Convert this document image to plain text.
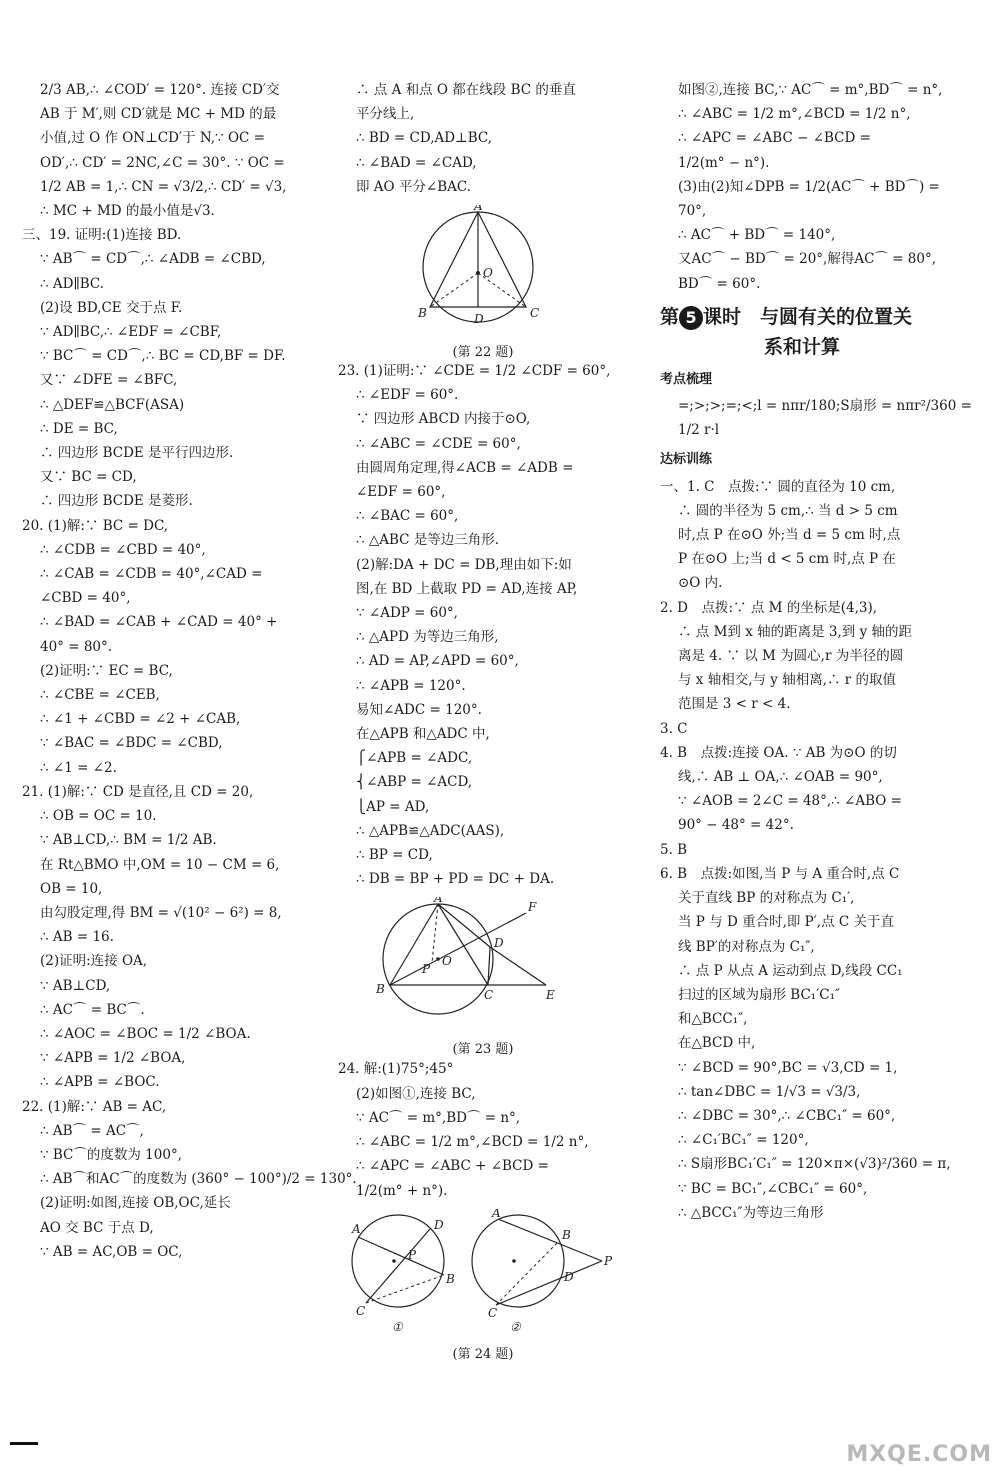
2/3 AB,∴ ∠COD′ = 120°. 连接 CD′交
AB 于 M′,则 CD′就是 MC + MD 的最
小值,过 O 作 ON⊥CD′于 N,∵ OC =
OD′,∴ CD′ = 2NC,∠C = 30°. ∵ OC =
1/2 AB = 1,∴ CN = √3/2,∴ CD′ = √3,
∴ MC + MD 的最小值是√3.
三、19. 证明:(1)连接 BD.
∵ AB⌒ = CD⌒,∴ ∠ADB = ∠CBD,
∴ AD∥BC.
(2)设 BD,CE 交于点 F.
∵ AD∥BC,∴ ∠EDF = ∠CBF,
∵ BC⌒ = CD⌒,∴ BC = CD,BF = DF.
又∵ ∠DFE = ∠BFC,
∴ △DEF≌△BCF(ASA)
∴ DE = BC,
∴ 四边形 BCDE 是平行四边形.
又∵ BC = CD,
∴ 四边形 BCDE 是菱形.
20. (1)解:∵ BC = DC,
∴ ∠CDB = ∠CBD = 40°,
∴ ∠CAB = ∠CDB = 40°,∠CAD =
∠CBD = 40°,
∴ ∠BAD = ∠CAB + ∠CAD = 40° +
40° = 80°.
(2)证明:∵ EC = BC,
∴ ∠CBE = ∠CEB,
∴ ∠1 + ∠CBD = ∠2 + ∠CAB,
∵ ∠BAC = ∠BDC = ∠CBD,
∴ ∠1 = ∠2.
21. (1)解:∵ CD 是直径,且 CD = 20,
∴ OB = OC = 10.
∵ AB⊥CD,∴ BM = 1/2 AB.
在 Rt△BMO 中,OM = 10 − CM = 6,
OB = 10,
由勾股定理,得 BM = √(10² − 6²) = 8,
∴ AB = 16.
(2)证明:连接 OA,
∵ AB⊥CD,
∴ AC⌒ = BC⌒.
∴ ∠AOC = ∠BOC = 1/2 ∠BOA.
∵ ∠APB = 1/2 ∠BOA,
∴ ∠APB = ∠BOC.
22. (1)解:∵ AB = AC,
∴ AB⌒ = AC⌒,
∵ BC⌒的度数为 100°,
∴ AB⌒和AC⌒的度数为 (360° − 100°)/2 = 130°.
(2)证明:如图,连接 OB,OC,延长
AO 交 BC 于点 D,
∵ AB = AC,OB = OC,
∴ 点 A 和点 O 都在线段 BC 的垂直
平分线上,
∴ BD = CD,AD⊥BC,
∴ ∠BAD = ∠CAD,
即 AO 平分∠BAC.
A
O
B	D	C
(第 22 题)
23. (1)证明:∵ ∠CDE = 1/2 ∠CDF = 60°,
∴ ∠EDF = 60°.
∵ 四边形 ABCD 内接于⊙O,
∴ ∠ABC = ∠CDE = 60°,
由圆周角定理,得∠ACB = ∠ADB =
∠EDF = 60°,
∴ ∠BAC = 60°,
∴ △ABC 是等边三角形.
(2)解:DA + DC = DB,理由如下:如
图,在 BD 上截取 PD = AD,连接 AP,
∵ ∠ADP = 60°,
∴ △APD 为等边三角形,
∴ AD = AP,∠APD = 60°,
∴ ∠APB = 120°.
易知∠ADC = 120°.
在△APB 和△ADC 中,
⎧∠APB = ∠ADC,
⎨∠ABP = ∠ACD,
⎩AP = AD,
∴ △APB≌△ADC(AAS),
∴ BP = CD,
∴ DB = BP + PD = DC + DA.
A
F
D
P
O
B	C	E
(第 23 题)
24. 解:(1)75°;45°
(2)如图①,连接 BC,
∵ AC⌒ = m°,BD⌒ = n°,
∴ ∠ABC = 1/2 m°,∠BCD = 1/2 n°,
∴ ∠APC = ∠ABC + ∠BCD =
1/2(m° + n°).
A	D
P
B
C
①
A
B
P
D
C
②
(第 24 题)
如图②,连接 BC,∵ AC⌒ = m°,BD⌒ = n°,
∴ ∠ABC = 1/2 m°,∠BCD = 1/2 n°,
∴ ∠APC = ∠ABC − ∠BCD =
1/2(m° − n°).
(3)由(2)知∠DPB = 1/2(AC⌒ + BD⌒) =
70°,
∴ AC⌒ + BD⌒ = 140°,
又AC⌒ − BD⌒ = 20°,解得AC⌒ = 80°,
BD⌒ = 60°.
第 5 课时　与圆有关的位置关
系和计算
考点梳理
=;>;>;=;<;l = nπr/180;S扇形 = nπr²/360 =
1/2 r·l
达标训练
一、1. C　点拨:∵ 圆的直径为 10 cm,
∴ 圆的半径为 5 cm,∴ 当 d > 5 cm
时,点 P 在⊙O 外;当 d = 5 cm 时,点
P 在⊙O 上;当 d < 5 cm 时,点 P 在
⊙O 内.
2. D　点拨:∵ 点 M 的坐标是(4,3),
∴ 点 M到 x 轴的距离是 3,到 y 轴的距
离是 4. ∵ 以 M 为圆心,r 为半径的圆
与 x 轴相交,与 y 轴相离,∴ r 的取值
范围是 3 < r < 4.
3. C
4. B　点拨:连接 OA. ∵ AB 为⊙O 的切
线,∴ AB ⊥ OA,∴ ∠OAB = 90°,
∵ ∠AOB = 2∠C = 48°,∴ ∠ABO =
90° − 48° = 42°.
5. B
6. B　点拨:如图,当 P 与 A 重合时,点 C
关于直线 BP 的对称点为 C₁′,
当 P 与 D 重合时,即 P′,点 C 关于直
线 BP′的对称点为 C₁″,
∴ 点 P 从点 A 运动到点 D,线段 CC₁
扫过的区域为扇形 BC₁′C₁″
和△BCC₁″,
在△BCD 中,
∵ ∠BCD = 90°,BC = √3,CD = 1,
∴ tan∠DBC = 1/√3 = √3/3,
∴ ∠DBC = 30°,∴ ∠CBC₁″ = 60°,
∴ ∠C₁′BC₁″ = 120°,
∴ S扇形BC₁′C₁″ = 120×π×(√3)²/360 = π,
∵ BC = BC₁″,∠CBC₁″ = 60°,
∴ △BCC₁″为等边三角形
MXQE.COM
